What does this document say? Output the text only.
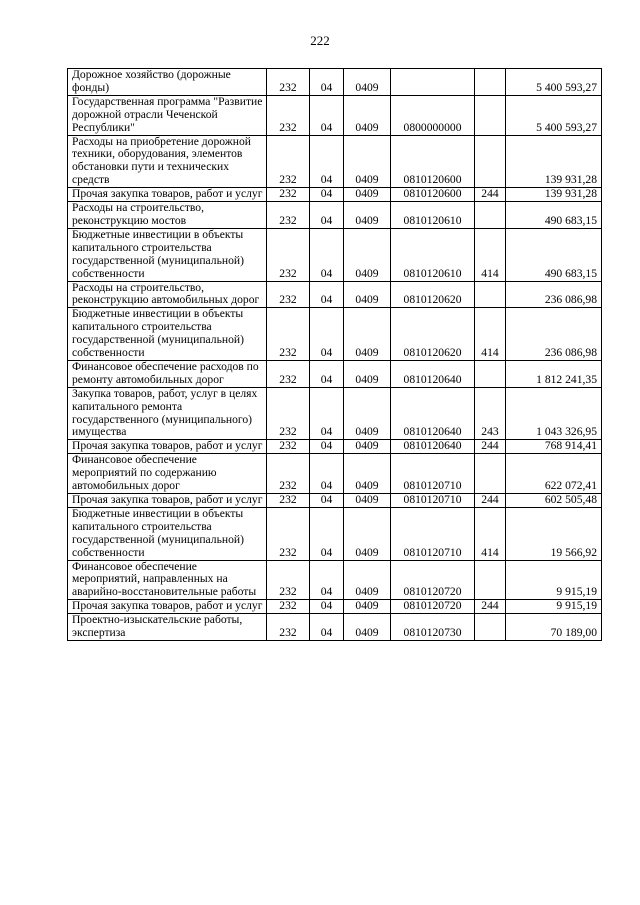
222
Дорожное хозяйство (дорожные фонды)	232	04	0409			5 400 593,27
Государственная программа "Развитие дорожной отрасли Чеченской Республики"	232	04	0409	0800000000		5 400 593,27
Расходы на приобретение дорожной техники, оборудования, элементов обстановки пути и технических средств	232	04	0409	0810120600		139 931,28
Прочая закупка товаров, работ и услуг	232	04	0409	0810120600	244	139 931,28
Расходы на строительство, реконструкцию мостов	232	04	0409	0810120610		490 683,15
Бюджетные инвестиции в объекты капитального строительства государственной (муниципальной) собственности	232	04	0409	0810120610	414	490 683,15
Расходы на строительство, реконструкцию автомобильных дорог	232	04	0409	0810120620		236 086,98
Бюджетные инвестиции в объекты капитального строительства государственной (муниципальной) собственности	232	04	0409	0810120620	414	236 086,98
Финансовое обеспечение расходов по ремонту автомобильных дорог	232	04	0409	0810120640		1 812 241,35
Закупка товаров, работ, услуг в целях капитального ремонта государственного (муниципального) имущества	232	04	0409	0810120640	243	1 043 326,95
Прочая закупка товаров, работ и услуг	232	04	0409	0810120640	244	768 914,41
Финансовое обеспечение мероприятий по содержанию автомобильных дорог	232	04	0409	0810120710		622 072,41
Прочая закупка товаров, работ и услуг	232	04	0409	0810120710	244	602 505,48
Бюджетные инвестиции в объекты капитального строительства государственной (муниципальной) собственности	232	04	0409	0810120710	414	19 566,92
Финансовое обеспечение мероприятий, направленных на аварийно-восстановительные работы	232	04	0409	0810120720		9 915,19
Прочая закупка товаров, работ и услуг	232	04	0409	0810120720	244	9 915,19
Проектно-изыскательские работы, экспертиза	232	04	0409	0810120730		70 189,00
